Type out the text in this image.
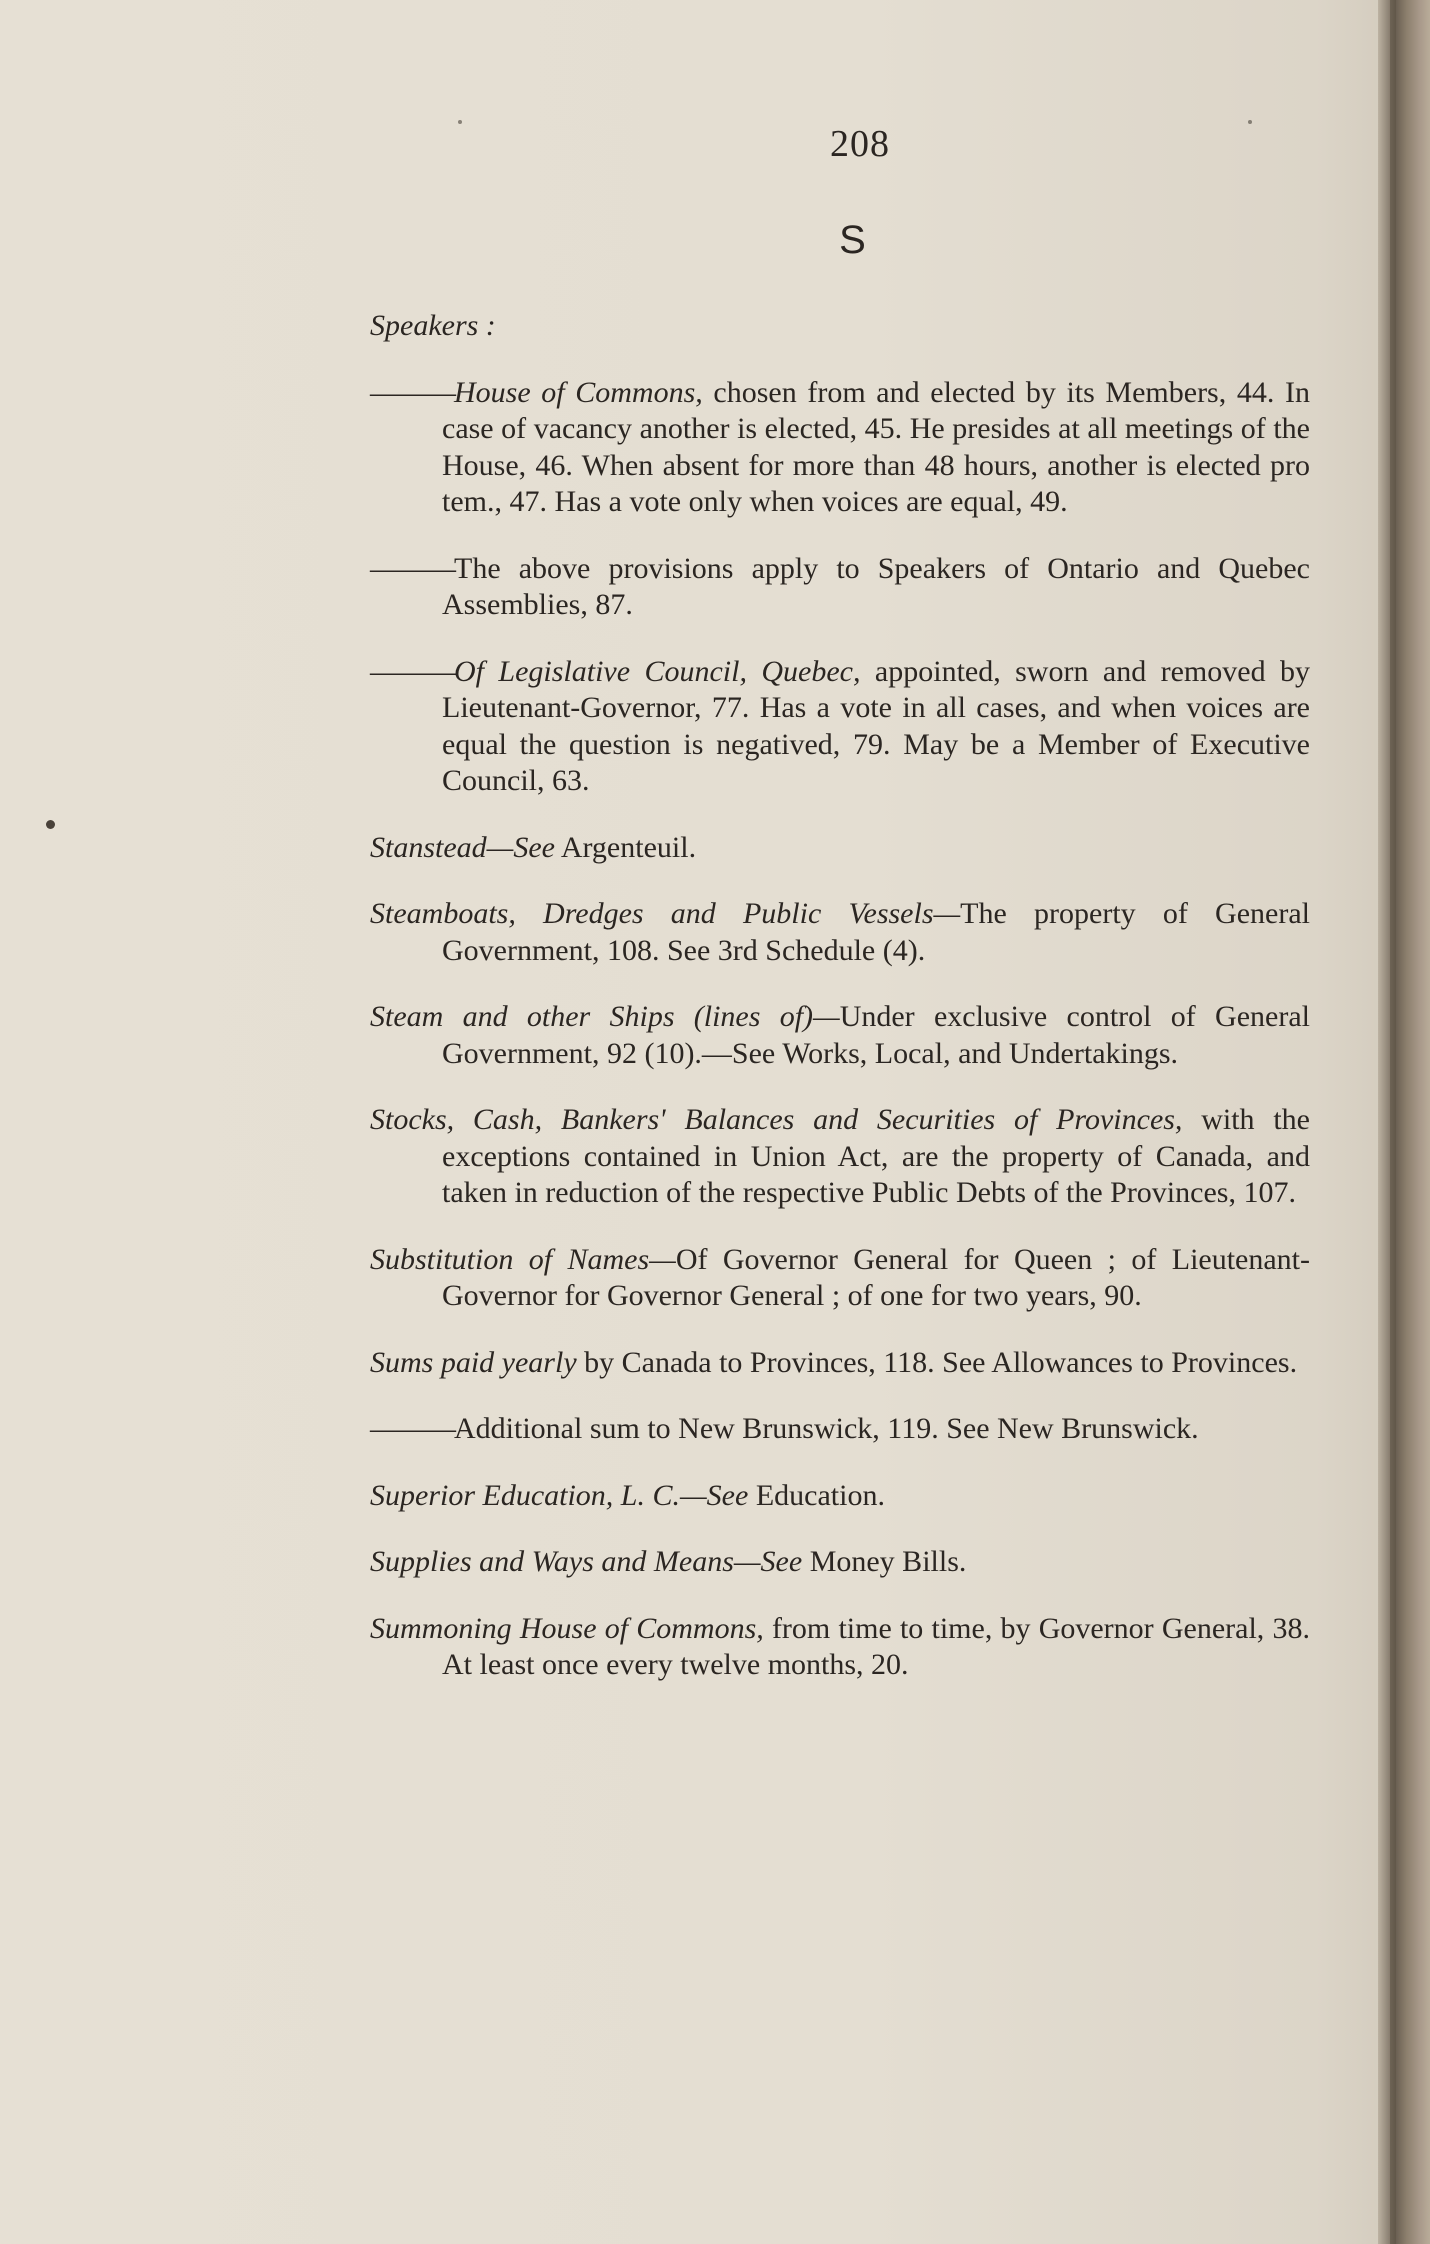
208
S

Speakers :

———House of Commons, chosen from and elected by its Members, 44. In case of vacancy another is elected, 45. He presides at all meetings of the House, 46. When absent for more than 48 hours, another is elected pro tem., 47. Has a vote only when voices are equal, 49.

———The above provisions apply to Speakers of Ontario and Quebec Assemblies, 87.

———Of Legislative Council, Quebec, appointed, sworn and removed by Lieutenant-Governor, 77. Has a vote in all cases, and when voices are equal the question is negatived, 79. May be a Member of Executive Council, 63.

Stanstead—See Argenteuil.

Steamboats, Dredges and Public Vessels—The property of General Government, 108. See 3rd Schedule (4).

Steam and other Ships (lines of)—Under exclusive control of General Government, 92 (10).—See Works, Local, and Undertakings.

Stocks, Cash, Bankers' Balances and Securities of Provinces, with the exceptions contained in Union Act, are the property of Canada, and taken in reduction of the respective Public Debts of the Provinces, 107.

Substitution of Names—Of Governor General for Queen ; of Lieutenant-Governor for Governor General ; of one for two years, 90.

Sums paid yearly by Canada to Provinces, 118. See Allowances to Provinces.

———Additional sum to New Brunswick, 119. See New Brunswick.

Superior Education, L. C.—See Education.

Supplies and Ways and Means—See Money Bills.

Summoning House of Commons, from time to time, by Governor General, 38. At least once every twelve months, 20.
